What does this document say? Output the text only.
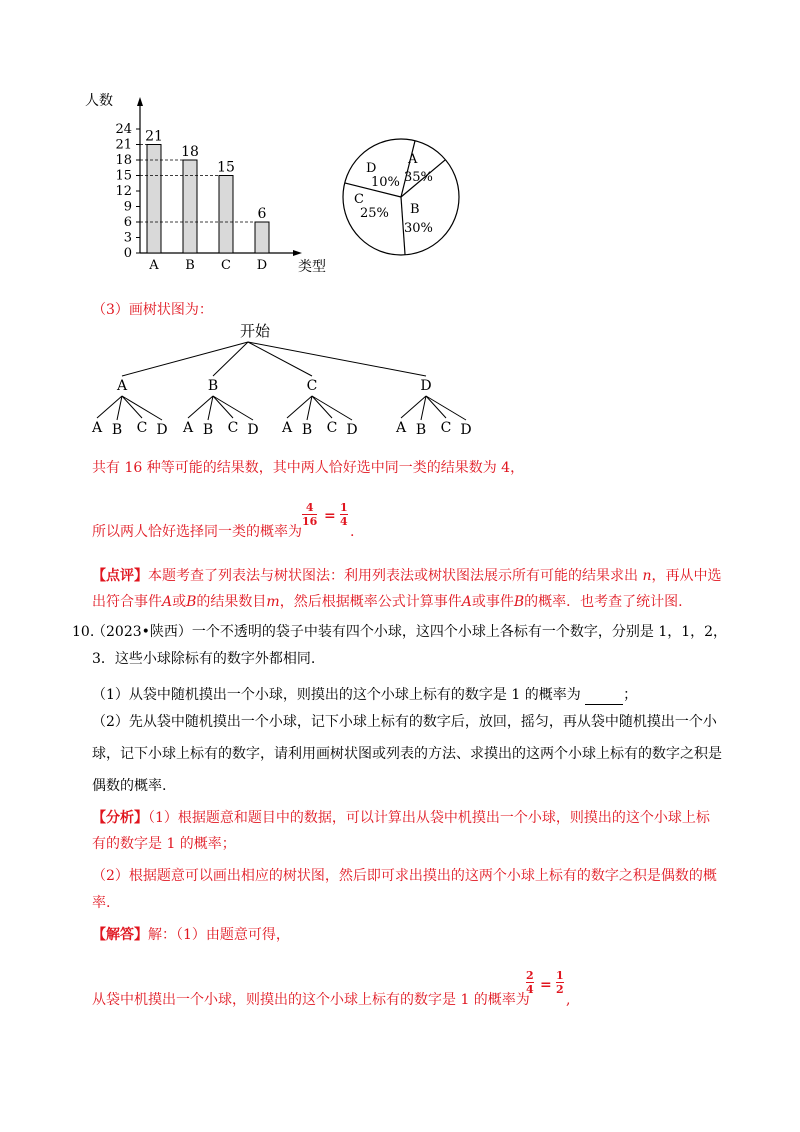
人数
类型
0
3
6
9
12
15
18
21
24 21
A
18
B
15
C
6
D
A
35%
B
30%
C
25%
D
10%
（3）画树状图为：
开始
A
A B C D
B
A B C D
C
A B C D
D
A B C D
共有 16 种等可能的结果数，其中两人恰好选中同一类的结果数为 4，
所以两人恰好选择同一类的概率为
4
16 =
1
4
.
【点评】本题考查了列表法与树状图法：利用列表法或树状图法展示所有可能的结果求出 n，再从中选
出符合事件A或B的结果数目m，然后根据概率公式计算事件A或事件B的概率．也考查了统计图.
10.
（2023•陕西）一个不透明的袋子中装有四个小球，这四个小球上各标有一个数字，分别是 1，1，2，
3．这些小球除标有的数字外都相同.
（1）从袋中随机摸出一个小球，则摸出的这个小球上标有的数字是 1 的概率为	；
（2）先从袋中随机摸出一个小球，记下小球上标有的数字后，放回，摇匀，再从袋中随机摸出一个小
球，记下小球上标有的数字，请利用画树状图或列表的方法、求摸出的这两个小球上标有的数字之积是
偶数的概率.
【分析】（1）根据题意和题目中的数据，可以计算出从袋中机摸出一个小球，则摸出的这个小球上标
有的数字是 1 的概率；
（2）根据题意可以画出相应的树状图，然后即可求出摸出的这两个小球上标有的数字之积是偶数的概
率.
【解答】解：（1）由题意可得，
从袋中机摸出一个小球，则摸出的这个小球上标有的数字是 1 的概率为
2
4 =
1
2
,
